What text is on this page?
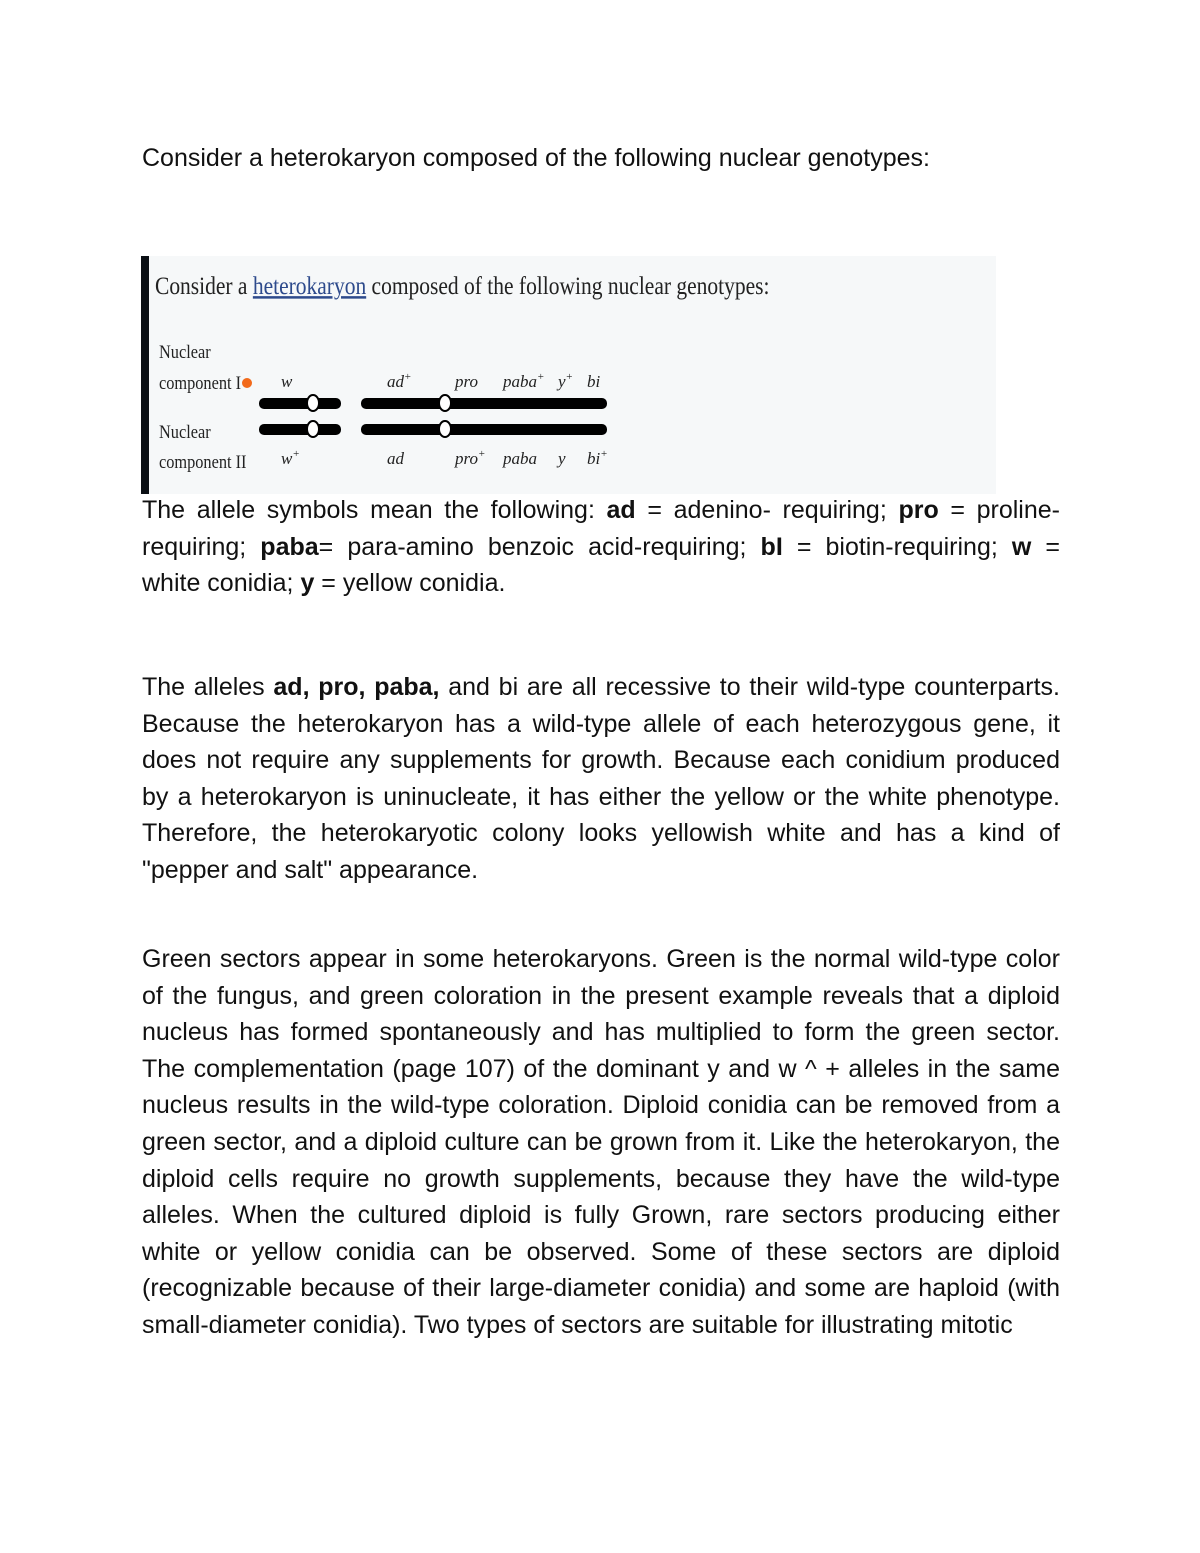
Consider a heterokaryon composed of the following nuclear genotypes:
Consider a heterokaryon composed of the following nuclear genotypes:
Nuclear
component I
Nuclear
component II
w	ad+	pro paba+ y+ bi
w+	ad	pro+ paba y bi+

The allele symbols mean the following: ad = adenino- requiring; pro = proline-requiring; paba= para-amino benzoic acid-requiring; bI = biotin-requiring; w = white conidia; y = yellow conidia.

The alleles ad, pro, paba, and bi are all recessive to their wild-type counterparts. Because the heterokaryon has a wild-type allele of each heterozygous gene, it does not require any supplements for growth. Because each conidium produced by a heterokaryon is uninucleate, it has either the yellow or the white phenotype. Therefore, the heterokaryotic colony looks yellowish white and has a kind of "pepper and salt" appearance.

Green sectors appear in some heterokaryons. Green is the normal wild-type color of the fungus, and green coloration in the present example reveals that a diploid nucleus has formed spontaneously and has multiplied to form the green sector. The complementation (page 107) of the dominant y and w ^ + alleles in the same nucleus results in the wild-type coloration. Diploid conidia can be removed from a green sector, and a diploid culture can be grown from it. Like the heterokaryon, the diploid cells require no growth supplements, because they have the wild-type alleles. When the cultured diploid is fully Grown, rare sectors producing either white or yellow conidia can be observed. Some of these sectors are diploid (recognizable because of their large-diameter conidia) and some are haploid (with small-diameter conidia). Two types of sectors are suitable for illustrating mitotic
